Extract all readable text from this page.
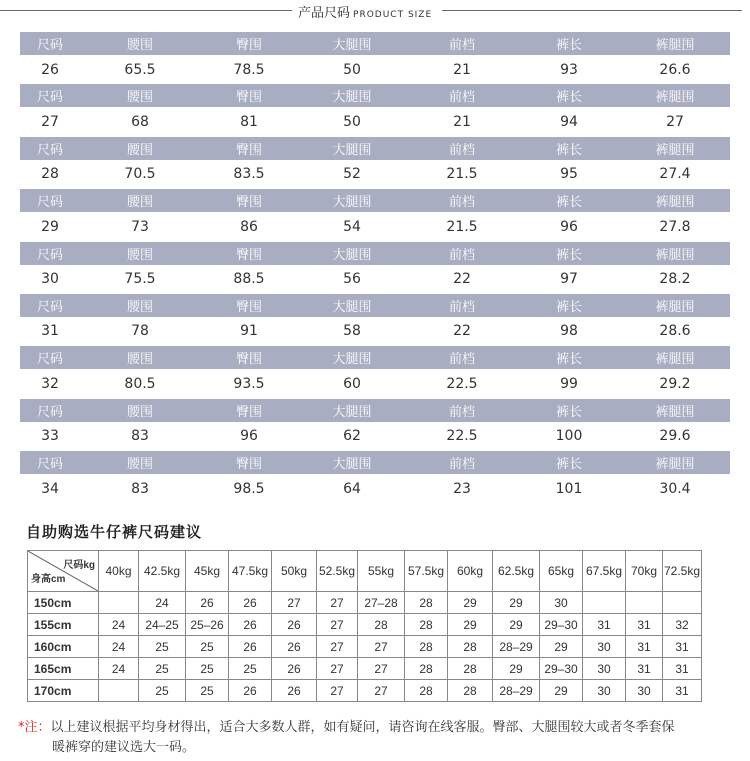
产品尺码 PRODUCT SIZE
尺码	腰围	臀围	大腿围	前档	裤长	裤腿围
26	65.5	78.5	50	21	93	26.6
尺码	腰围	臀围	大腿围	前档	裤长	裤腿围
27	68	81	50	21	94	27
尺码	腰围	臀围	大腿围	前档	裤长	裤腿围
28	70.5	83.5	52	21.5	95	27.4
尺码	腰围	臀围	大腿围	前档	裤长	裤腿围
29	73	86	54	21.5	96	27.8
尺码	腰围	臀围	大腿围	前档	裤长	裤腿围
30	75.5	88.5	56	22	97	28.2
尺码	腰围	臀围	大腿围	前档	裤长	裤腿围
31	78	91	58	22	98	28.6
尺码	腰围	臀围	大腿围	前档	裤长	裤腿围
32	80.5	93.5	60	22.5	99	29.2
尺码	腰围	臀围	大腿围	前档	裤长	裤腿围
33	83	96	62	22.5	100	29.6
尺码	腰围	臀围	大腿围	前档	裤长	裤腿围
34	83	98.5	64	23	101	30.4
自助购选牛仔裤尺码建议
尺码kg
身高cm	40kg	42.5kg	45kg	47.5kg	50kg	52.5kg	55kg	57.5kg	60kg	62.5kg	65kg	67.5kg	70kg	72.5kg
150cm		24	26	26	27	27	27–28	28	29	29	30			
155cm	24	24–25	25–26	26	26	27	28	28	29	29	29–30	31	31	32
160cm	24	25	25	26	26	27	27	28	28	28–29	29	30	31	31
165cm	24	25	25	25	26	27	27	28	28	29	29–30	30	31	31
170cm		25	25	26	26	27	27	28	28	28–29	29	30	30	31
*注：以上建议根据平均身材得出，适合大多数人群，如有疑问，请咨询在线客服。臀部、大腿围较大或者冬季套保
暖裤穿的建议选大一码。
